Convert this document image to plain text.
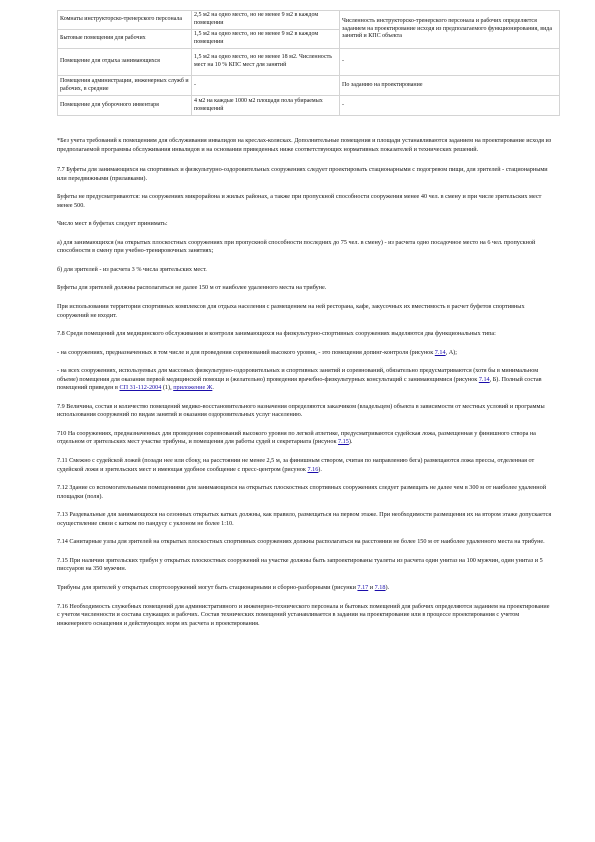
Комнаты инструкторско-тренерского персонала	2,5 м2 на одно место, но не менее 9 м2 в каждом помещении	Численность инструкторско-тренерского персонала и рабочих определяется заданием на проектирование исходя из предполагаемого функционирования, вида занятий и КПС объекта
Бытовые помещения для рабочих	1,5 м2 на одно место, но не менее 9 м2 в каждом помещении	
Помещение для отдыха занимающихся	1,5 м2 на одно место, но не менее 18 м2. Численность мест на 10 % КПС мест для занятий	-
Помещения администрации, инженерных служб и рабочих, в средние	-	По заданию на проектирование
Помещение для уборочного инвентаря	4 м2 на каждые 1000 м2 площади пола убираемых помещений	-

*Без учета требований к помещениям для обслуживания инвалидов на креслах-колясках. Дополнительные помещения и площади устанавливаются заданием на проектирование исходя из предполагаемой программы обслуживания инвалидов и на основании приведенных ниже соответствующих нормативных показателей и технических решений.

7.7 Буфеты для занимающихся на спортивных и физкультурно-оздоровительных сооружениях следует проектировать стационарными с подогревом пищи, для зрителей - стационарными или передвижными (прилавками).

Буфеты не предусматриваются: на сооружениях микрорайона и жилых районах, а также при пропускной способности сооружения менее 40 чел. в смену и при числе зрительских мест менее 500.

Число мест в буфетах следует принимать:

а) для занимающихся (на открытых плоскостных сооружениях при пропускной способности последних до 75 чел. в смену) - из расчета одно посадочное место на 6 чел. пропускной способности в смену при учебно-тренировочных занятиях;

б) для зрителей - из расчета 3 % числа зрительских мест.

Буфеты для зрителей должны располагаться не далее 150 м от наиболее удаленного места на трибуне.

При использовании территории спортивных комплексов для отдыха населения с размещением на ней ресторана, кафе, закусочных их вместимость в расчет буфетов спортивных сооружений не входит.

7.8 Среди помещений для медицинского обслуживания и контроля занимающихся на физкультурно-спортивных сооружениях выделяются два функциональных типа:

- на сооружениях, предназначенных в том числе и для проведения соревнований высокого уровня, - это помещения допинг-контроля (рисунок 7.14, А);

- на всех сооружениях, используемых для массовых физкультурно-оздоровительных и спортивных занятий и соревнований, обязательно предусматриваются (хотя бы в минимальном объеме) помещения для оказания первой медицинской помощи и (желательно) проведения врачебно-физкультурных консультаций с занимающимися (рисунок 7.14, Б). Полный состав помещений приведен в СП 31-112-2004 (1), приложение Ж.

7.9 Величина, состав и количество помещений медико-восстановительного назначения определяются заказчиком (владельцем) объекта в зависимости от местных условий и программы использования сооружений по видам занятий и оказания оздоровительных услуг населению.

710 На сооружениях, предназначенных для проведения соревнований высокого уровня по легкой атлетике, предусматриваются судейская ложа, размещенная у финишного створа на отдельном от зрительских мест участке трибуны, и помещения для работы судей и секретариата (рисунок 7.15).

7.11 Смежно с судейской ложей (позади нее или сбоку, на расстоянии не менее 2,5 м, за финишным створом, считая по направлению бега) размещаются ложа прессы, отделенная от судейской ложи и зрительских мест и имеющая удобное сообщение с пресс-центром (рисунок 7.16).

7.12 Здание со вспомогательными помещениями для занимающихся на открытых плоскостных спортивных сооружениях следует размещать не далее чем в 300 м от наиболее удаленной площадки (поля).

7.13 Раздевальные для занимающихся на сезонных открытых катках должны, как правило, размещаться на первом этаже. При необходимости размещения их на втором этаже допускается осуществление связи с катком по пандусу с уклоном не более 1:10.

7.14 Санитарные узлы для зрителей на открытых плоскостных спортивных сооружениях должны располагаться на расстоянии не более 150 м от наиболее удаленного места на трибуне.

7.15 При наличии зрительских трибун у открытых плоскостных сооружений на участке должны быть запроектированы туалеты из расчета один унитаз на 100 мужчин, один унитаз и 5 писсуаров на 350 мужчин.

Трибуны для зрителей у открытых спортсооружений могут быть стационарными и сборно-разборными (рисунки 7.17 и 7.18).

7.16 Необходимость служебных помещений для административного и инженерно-технического персонала и бытовых помещений для рабочих определяются заданием на проектирование с учетом численности и состава служащих и рабочих. Состав технических помещений устанавливается в задании на проектирование или в процессе проектирования с учетом инженерного оснащения и действующих норм их расчета и проектирования.
